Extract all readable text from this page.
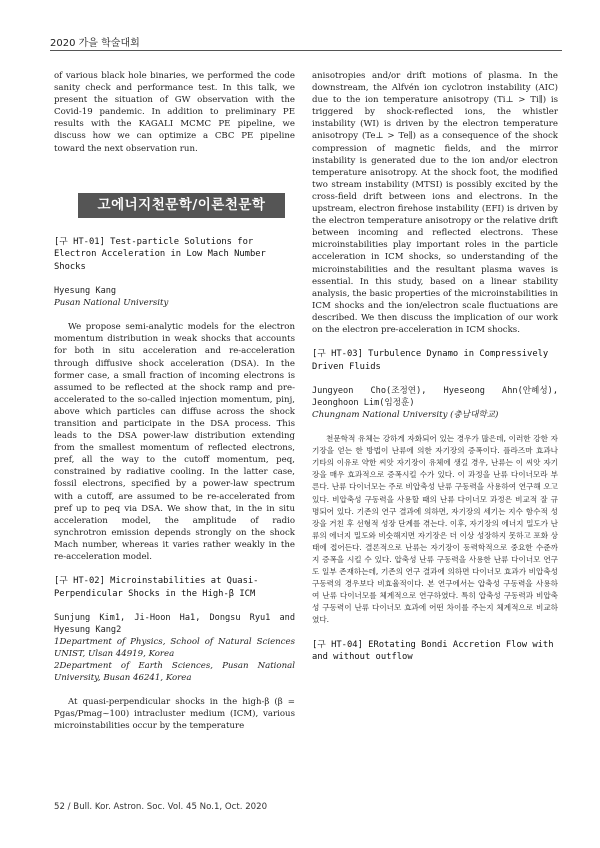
2020 가을 학술대회

of various black hole binaries, we performed the code sanity check and performance test. In this talk, we present the situation of GW observation with the Covid-19 pandemic. In addition to preliminary PE results with the KAGALI MCMC PE pipeline, we discuss how we can optimize a CBC PE pipeline toward the next observation run.

고에너지천문학/이론천문학
[구 HT-01] Test-particle Solutions for Electron Acceleration in Low Mach Number Shocks

Hyesung Kang

Pusan National University

We propose semi-analytic models for the electron momentum distribution in weak shocks that accounts for both in situ acceleration and re-acceleration through diffusive shock acceleration (DSA). In the former case, a small fraction of incoming electrons is assumed to be reflected at the shock ramp and pre-accelerated to the so-called injection momentum, pinj, above which particles can diffuse across the shock transition and participate in the DSA process. This leads to the DSA power-law distribution extending from the smallest momentum of reflected electrons, pref, all the way to the cutoff momentum, peq, constrained by radiative cooling. In the latter case, fossil electrons, specified by a power-law spectrum with a cutoff, are assumed to be re-accelerated from pref up to peq via DSA. We show that, in the in situ acceleration model, the amplitude of radio synchrotron emission depends strongly on the shock Mach number, whereas it varies rather weakly in the re-acceleration model.

[구 HT-02] Microinstabilities at Quasi-Perpendicular Shocks in the High-β ICM

Sunjung Kim1, Ji-Hoon Ha1, Dongsu Ryu1 and Hyesung Kang2

1Department of Physics, School of Natural Sciences UNIST, Ulsan 44919, Korea

2Department of Earth Sciences, Pusan National University, Busan 46241, Korea

At quasi-perpendicular shocks in the high-β (β = Pgas/Pmag~100) intracluster medium (ICM), various microinstabilities occur by the temperature

anisotropies and/or drift motions of plasma. In the downstream, the Alfvén ion cyclotron instability (AIC) due to the ion temperature anisotropy (Ti⊥ > Ti∥) is triggered by shock-reflected ions, the whistler instability (WI) is driven by the electron temperature anisotropy (Te⊥ > Te∥) as a consequence of the shock compression of magnetic fields, and the mirror instability is generated due to the ion and/or electron temperature anisotropy. At the shock foot, the modified two stream instability (MTSI) is possibly excited by the cross-field drift between ions and electrons. In the upstream, electron firehose instability (EFI) is driven by the electron temperature anisotropy or the relative drift between incoming and reflected electrons. These microinstabilities play important roles in the particle acceleration in ICM shocks, so understanding of the microinstabilities and the resultant plasma waves is essential. In this study, based on a linear stability analysis, the basic properties of the microinstabilities in ICM shocks and the ion/electron scale fluctuations are described. We then discuss the implication of our work on the electron pre-acceleration in ICM shocks.

[구 HT-03] Turbulence Dynamo in Compressively Driven Fluids

Jungyeon Cho(조정연), Hyeseong Ahn(안혜성), Jeonghoon Lim(임정훈)

Chungnam National University (충남대학교)

천문학적 유체는 강하게 자화되어 있는 경우가 많은데, 이러한 강한 자기장을 얻는 한 방법이 난류에 의한 자기장의 증폭이다. 플라즈마 효과나 기타의 이유로 약한 씨앗 자기장이 유체에 생길 경우, 난류는 이 씨앗 자기장을 매우 효과적으로 증폭시킬 수가 있다. 이 과정을 난류 다이너모라 부른다. 난류 다이너모는 주로 비압축성 난류 구동력을 사용하여 연구해 오고 있다. 비압축성 구동력을 사용할 때의 난류 다이너모 과정은 비교적 잘 규명되어 있다. 기존의 연구 결과에 의하면, 자기장의 세기는 지수 함수적 성장을 거친 후 선형적 성장 단계를 겪는다. 이후, 자기장의 에너지 밀도가 난류의 에너지 밀도와 비슷해지면 자기장은 더 이상 성장하지 못하고 포화 상태에 접어든다. 결론적으로 난류는 자기장이 동력학적으로 중요한 수준까지 증폭을 시킬 수 있다. 압축성 난류 구동력을 사용한 난류 다이너모 연구도 일부 존재하는데, 기존의 연구 결과에 의하면 다이너모 효과가 비압축성 구동력의 경우보다 비효율적이다. 본 연구에서는 압축성 구동력을 사용하여 난류 다이너모를 체계적으로 연구하였다. 특히 압축성 구동력과 비압축성 구동력이 난류 다이너모 효과에 어떤 차이를 주는지 체계적으로 비교하였다.

[구 HT-04] ERotating Bondi Accretion Flow with and without outflow
52 / Bull. Kor. Astron. Soc. Vol. 45 No.1, Oct. 2020
